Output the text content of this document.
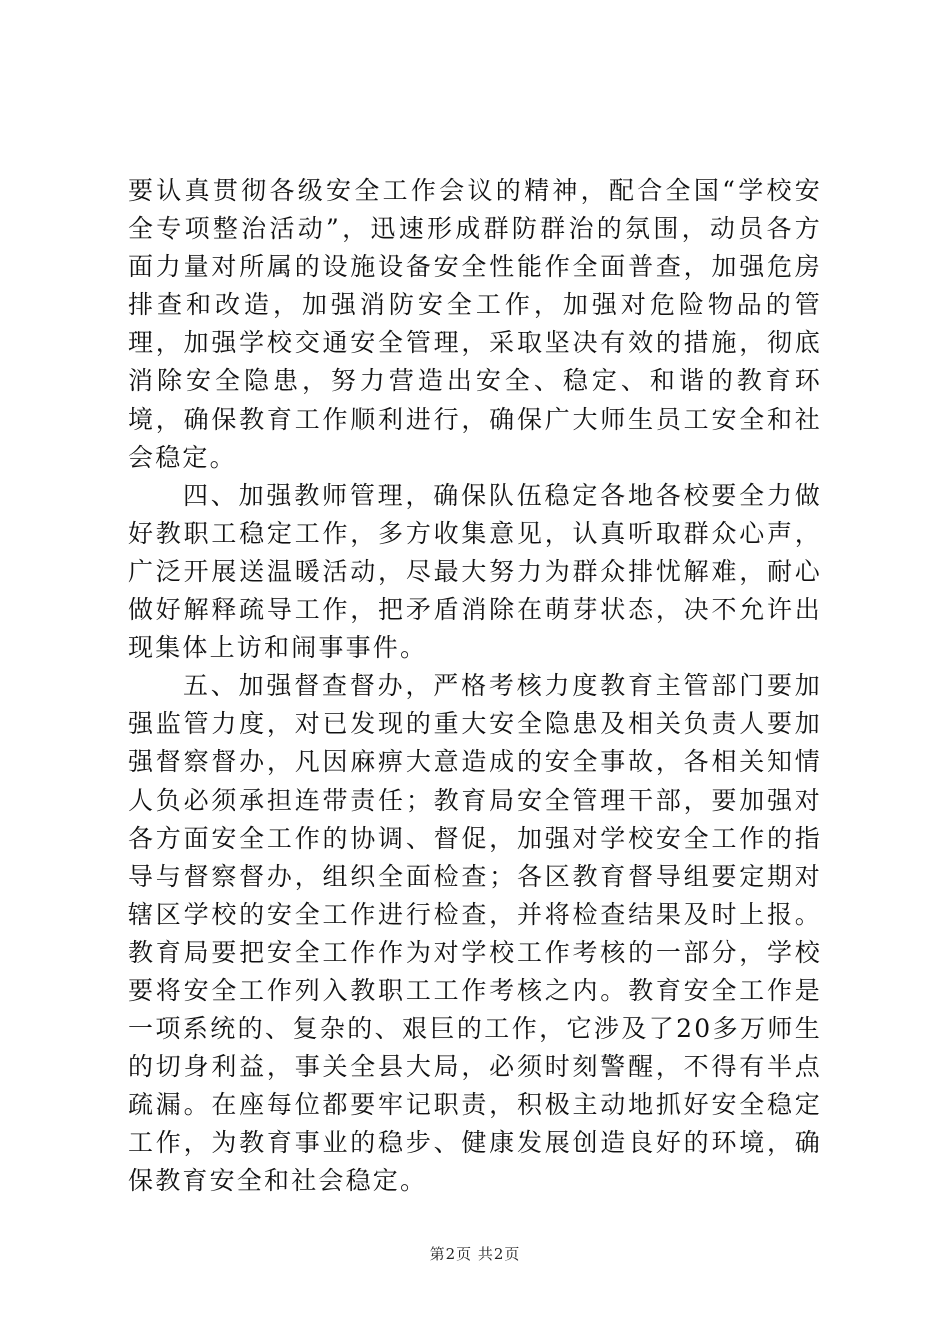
要认真贯彻各级安全工作会议的精神，配合全国“学校安全专项整治活动”，迅速形成群防群治的氛围，动员各方面力量对所属的设施设备安全性能作全面普查，加强危房排查和改造，加强消防安全工作，加强对危险物品的管理，加强学校交通安全管理，采取坚决有效的措施，彻底消除安全隐患，努力营造出安全、稳定、和谐的教育环境，确保教育工作顺利进行，确保广大师生员工安全和社会稳定。

四、加强教师管理，确保队伍稳定各地各校要全力做好教职工稳定工作，多方收集意见，认真听取群众心声，广泛开展送温暖活动，尽最大努力为群众排忧解难，耐心做好解释疏导工作，把矛盾消除在萌芽状态，决不允许出现集体上访和闹事事件。

五、加强督查督办，严格考核力度教育主管部门要加强监管力度，对已发现的重大安全隐患及相关负责人要加强督察督办，凡因麻痹大意造成的安全事故，各相关知情人负必须承担连带责任；教育局安全管理干部，要加强对各方面安全工作的协调、督促，加强对学校安全工作的指导与督察督办，组织全面检查；各区教育督导组要定期对辖区学校的安全工作进行检查，并将检查结果及时上报。教育局要把安全工作作为对学校工作考核的一部分，学校要将安全工作列入教职工工作考核之内。教育安全工作是一项系统的、复杂的、艰巨的工作，它涉及了20多万师生的切身利益，事关全县大局，必须时刻警醒，不得有半点疏漏。在座每位都要牢记职责，积极主动地抓好安全稳定工作，为教育事业的稳步、健康发展创造良好的环境，确保教育安全和社会稳定。

第2页 共2页
